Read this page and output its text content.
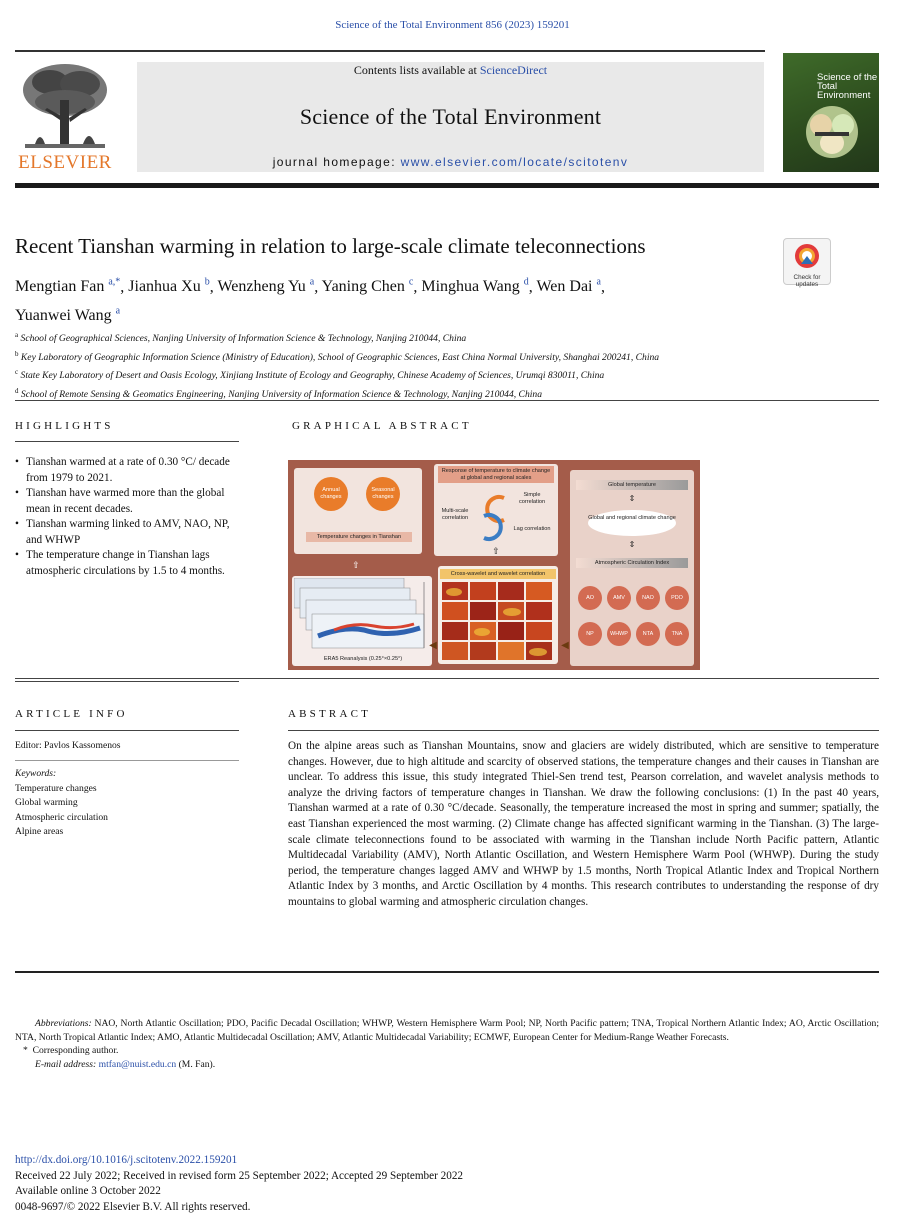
Science of the Total Environment 856 (2023) 159201
ELSEVIER
Contents lists available at ScienceDirect
Science of the Total Environment
journal homepage: www.elsevier.com/locate/scitotenv
Science of the
Total Environment
Recent Tianshan warming in relation to large-scale climate teleconnections
Check for
updates
Mengtian Fan $^{a,*}$, Jianhua Xu $^b$, Wenzheng Yu $^a$, Yaning Chen $^c$, Minghua Wang $^d$, Wen Dai $^a$,
Yuanwei Wang $^a$
$^a$ School of Geographical Sciences, Nanjing University of Information Science & Technology, Nanjing 210044, China
$^b$ Key Laboratory of Geographic Information Science (Ministry of Education), School of Geographic Sciences, East China Normal University, Shanghai 200241, China
$^c$ State Key Laboratory of Desert and Oasis Ecology, Xinjiang Institute of Ecology and Geography, Chinese Academy of Sciences, Urumqi 830011, China
$^d$ School of Remote Sensing & Geomatics Engineering, Nanjing University of Information Science & Technology, Nanjing 210044, China
HIGHLIGHTS
• Tianshan warmed at a rate of 0.30 °C/ decade from 1979 to 2021.
• Tianshan have warmed more than the global mean in recent decades.
• Tianshan warming linked to AMV, NAO, NP, and WHWP
• The temperature change in Tianshan lags atmospheric circulations by 1.5 to 4 months.
GRAPHICAL ABSTRACT
Annual changes
Seasonal changes
Temperature changes in Tianshan
⇧
ERA5 Reanalysis (0.25°×0.25°)
Response of temperature to climate change at global and regional scales
Multi-scale correlation
Simple correlation
Lag correlation
⇧
Cross-wavelet and wavelet correlation
◀	◀
Global temperature
⇕
Global and regional climate change
⇕
Atmospheric Circulation Index
AO	AMV	NAO	PDO
NP	WHWP	NTA	TNA
ARTICLE INFO
Editor: Pavlos Kassomenos
Keywords:
Temperature changes
Global warming
Atmospheric circulation
Alpine areas
ABSTRACT
On the alpine areas such as Tianshan Mountains, snow and glaciers are widely distributed, which are sensitive to temperature changes. However, due to high altitude and scarcity of observed stations, the temperature changes and their causes in Tianshan are unclear. To address this issue, this study integrated Thiel-Sen trend test, Pearson correlation, and wavelet analysis methods to analyze the driving factors of temperature changes in Tianshan. We draw the following conclusions: (1) In the past 40 years, Tianshan warmed at a rate of 0.30 °C/decade. Seasonally, the temperature increased the most in spring and summer; spatially, the east Tianshan experienced the most warming. (2) Climate change has affected significant warming in the Tianshan. (3) The large-scale climate teleconnections found to be associated with warming in the Tianshan include North Pacific pattern, Atlantic Multidecadal Variability (AMV), North Atlantic Oscillation, and Western Hemisphere Warm Pool (WHWP). During the study period, the temperature changes lagged AMV and WHWP by 1.5 months, North Tropical Atlantic Index and Tropical Northern Atlantic Index by 3 months, and Arctic Oscillation by 4 months. This research contributes to understanding the response of dry mountains to global warming and atmospheric circulation changes.
Abbreviations: NAO, North Atlantic Oscillation; PDO, Pacific Decadal Oscillation; WHWP, Western Hemisphere Warm Pool; NP, North Pacific pattern; TNA, Tropical Northern Atlantic Index; AO, Arctic Oscillation; NTA, North Tropical Atlantic Index; AMO, Atlantic Multidecadal Oscillation; AMV, Atlantic Multidecadal Variability; ECMWF, European Center for Medium-Range Weather Forecasts.
* Corresponding author.
E-mail address: mtfan@nuist.edu.cn (M. Fan).
http://dx.doi.org/10.1016/j.scitotenv.2022.159201
Received 22 July 2022; Received in revised form 25 September 2022; Accepted 29 September 2022
Available online 3 October 2022
0048-9697/© 2022 Elsevier B.V. All rights reserved.
